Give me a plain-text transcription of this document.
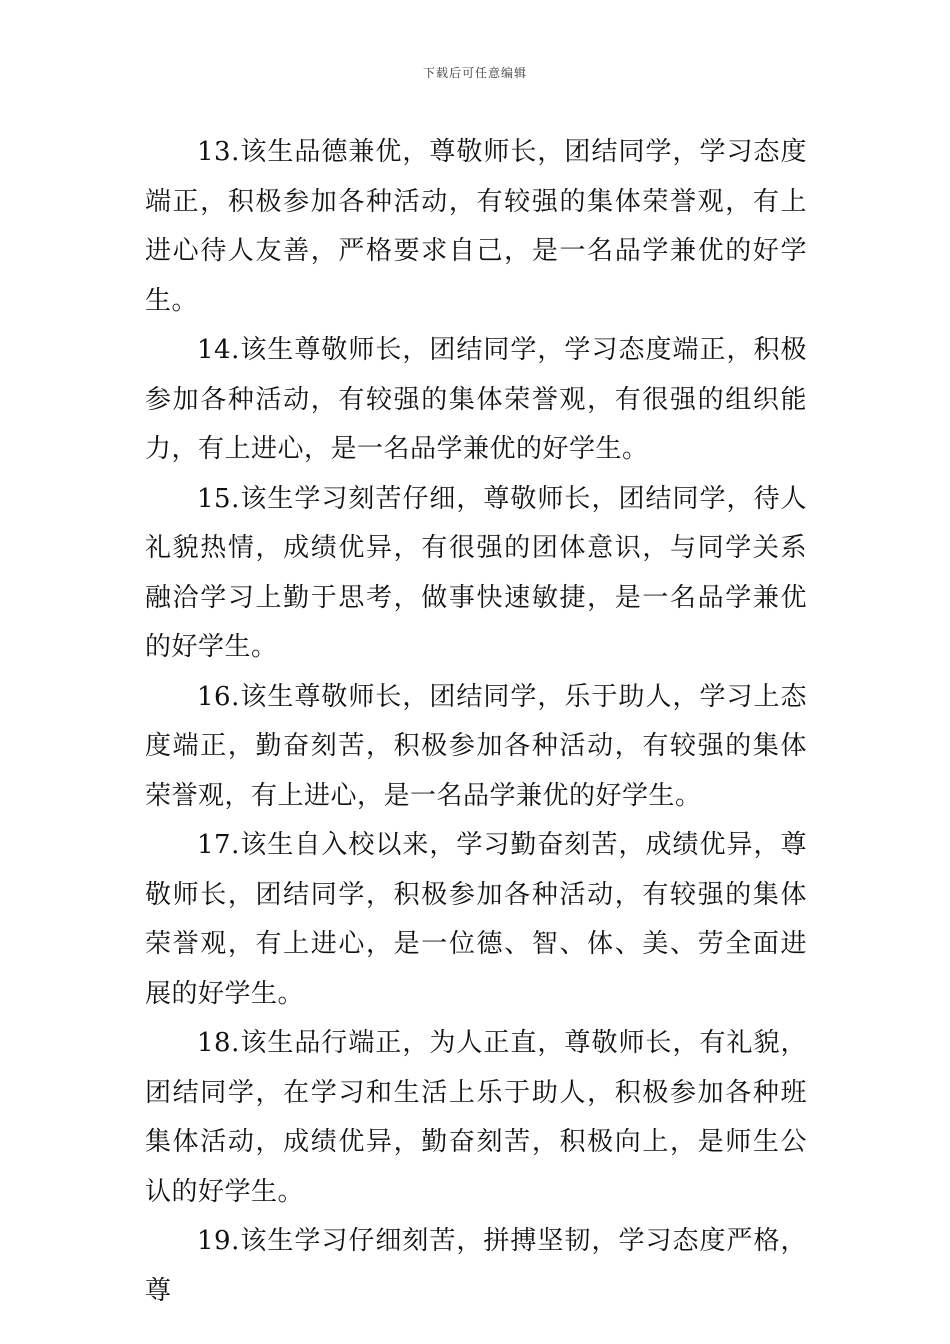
下载后可任意编辑

13.该生品德兼优，尊敬师长，团结同学，学习态度端正，积极参加各种活动，有较强的集体荣誉观，有上进心待人友善，严格要求自己，是一名品学兼优的好学生。

14.该生尊敬师长，团结同学，学习态度端正，积极参加各种活动，有较强的集体荣誉观，有很强的组织能力，有上进心，是一名品学兼优的好学生。

15.该生学习刻苦仔细，尊敬师长，团结同学，待人礼貌热情，成绩优异，有很强的团体意识，与同学关系融洽学习上勤于思考，做事快速敏捷，是一名品学兼优的好学生。

16.该生尊敬师长，团结同学，乐于助人，学习上态度端正，勤奋刻苦，积极参加各种活动，有较强的集体荣誉观，有上进心，是一名品学兼优的好学生。

17.该生自入校以来，学习勤奋刻苦，成绩优异，尊敬师长，团结同学，积极参加各种活动，有较强的集体荣誉观，有上进心，是一位德、智、体、美、劳全面进展的好学生。

18.该生品行端正，为人正直，尊敬师长，有礼貌，团结同学，在学习和生活上乐于助人，积极参加各种班集体活动，成绩优异，勤奋刻苦，积极向上，是师生公认的好学生。

19.该生学习仔细刻苦，拼搏坚韧，学习态度严格，尊
